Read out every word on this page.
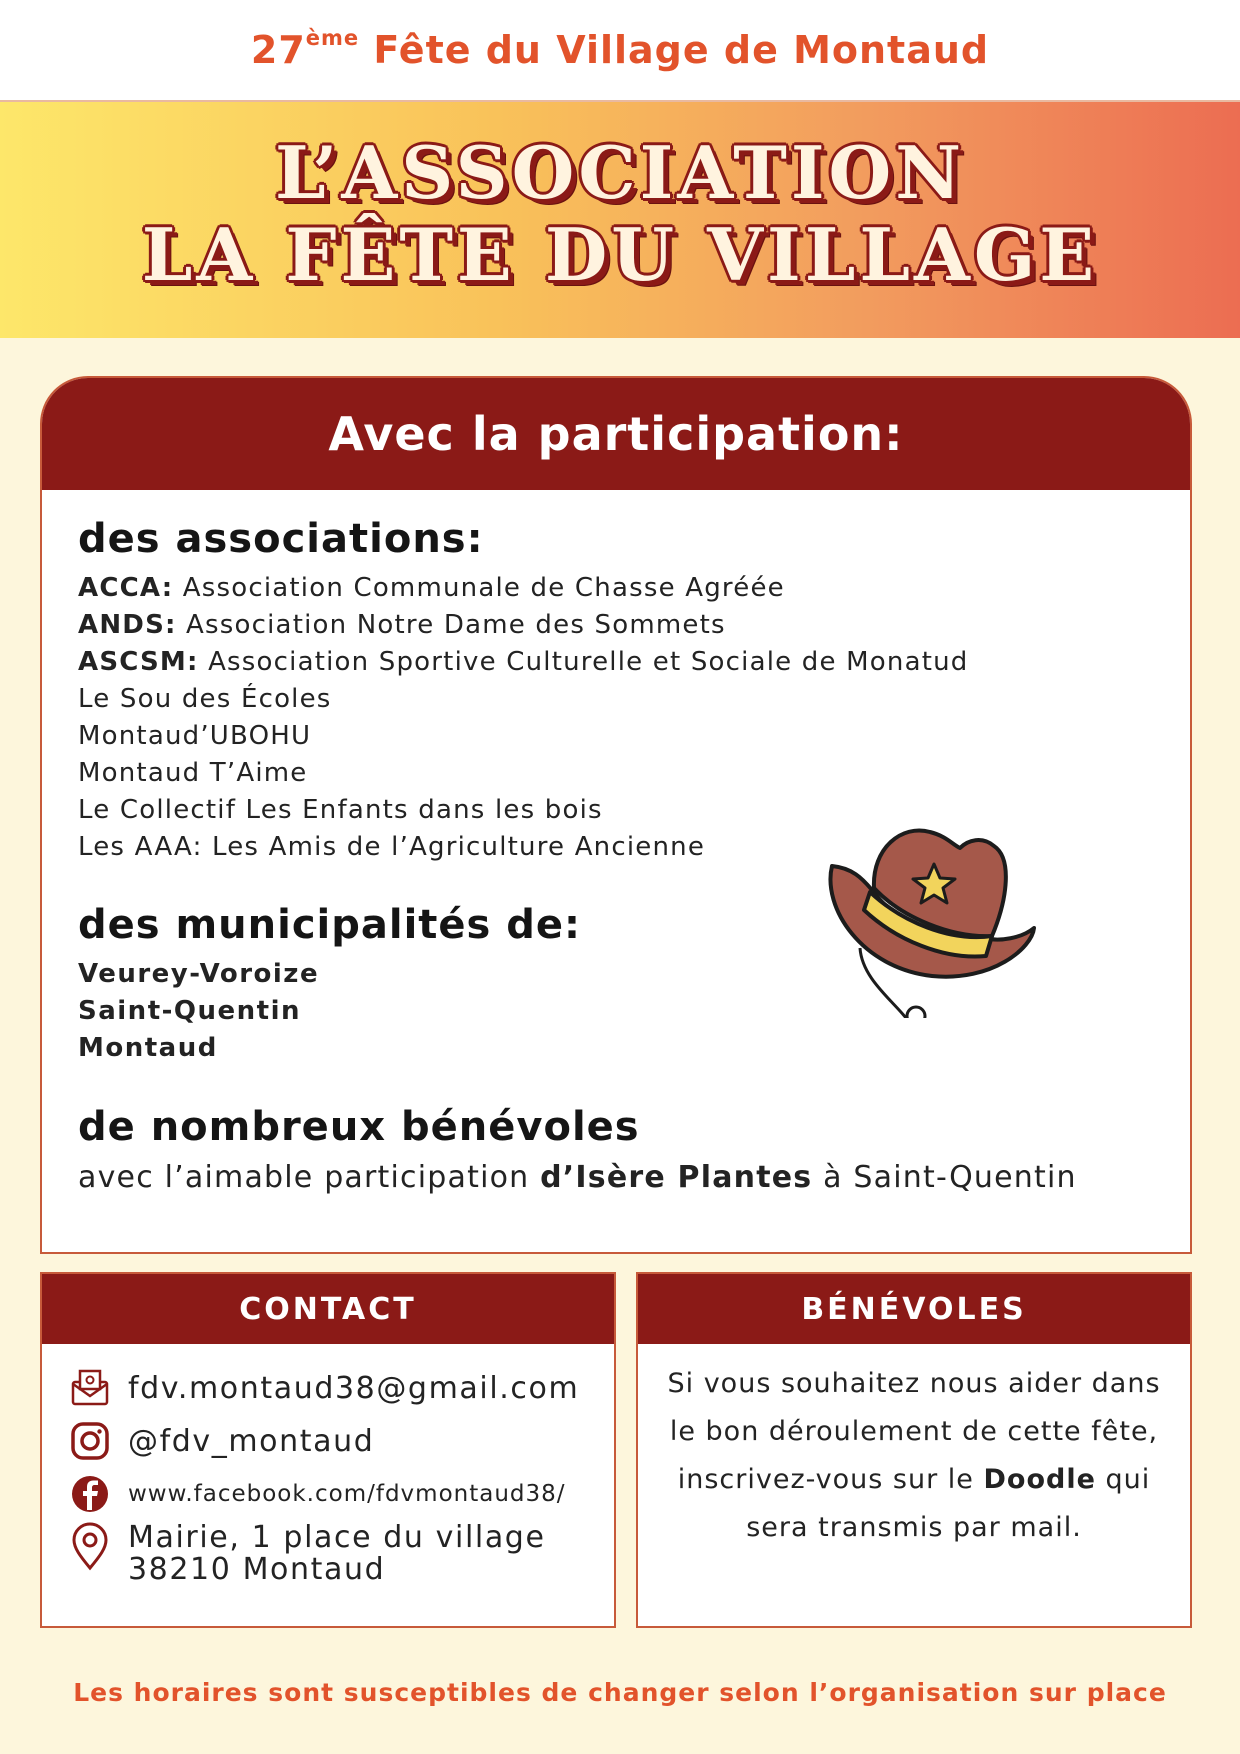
27ème Fête du Village de Montaud
L’ASSOCIATION
LA FÊTE DU VILLAGE
Avec la participation:
des associations:
ACCA: Association Communale de Chasse Agréée
ANDS: Association Notre Dame des Sommets
ASCSM: Association Sportive Culturelle et Sociale de Monatud
Le Sou des Écoles
Montaud’UBOHU
Montaud T’Aime
Le Collectif Les Enfants dans les bois
Les AAA: Les Amis de l’Agriculture Ancienne
des municipalités de:
Veurey-Voroize
Saint-Quentin
Montaud
de nombreux bénévoles
avec l’aimable participation d’Isère Plantes à Saint-Quentin
CONTACT
fdv.montaud38@gmail.com
@fdv_montaud
www.facebook.com/fdvmontaud38/
Mairie, 1 place du village
38210 Montaud
BÉNÉVOLES
Si vous souhaitez nous aider dans
le bon déroulement de cette fête,
inscrivez-vous sur le Doodle qui
sera transmis par mail.
Les horaires sont susceptibles de changer selon l’organisation sur place
